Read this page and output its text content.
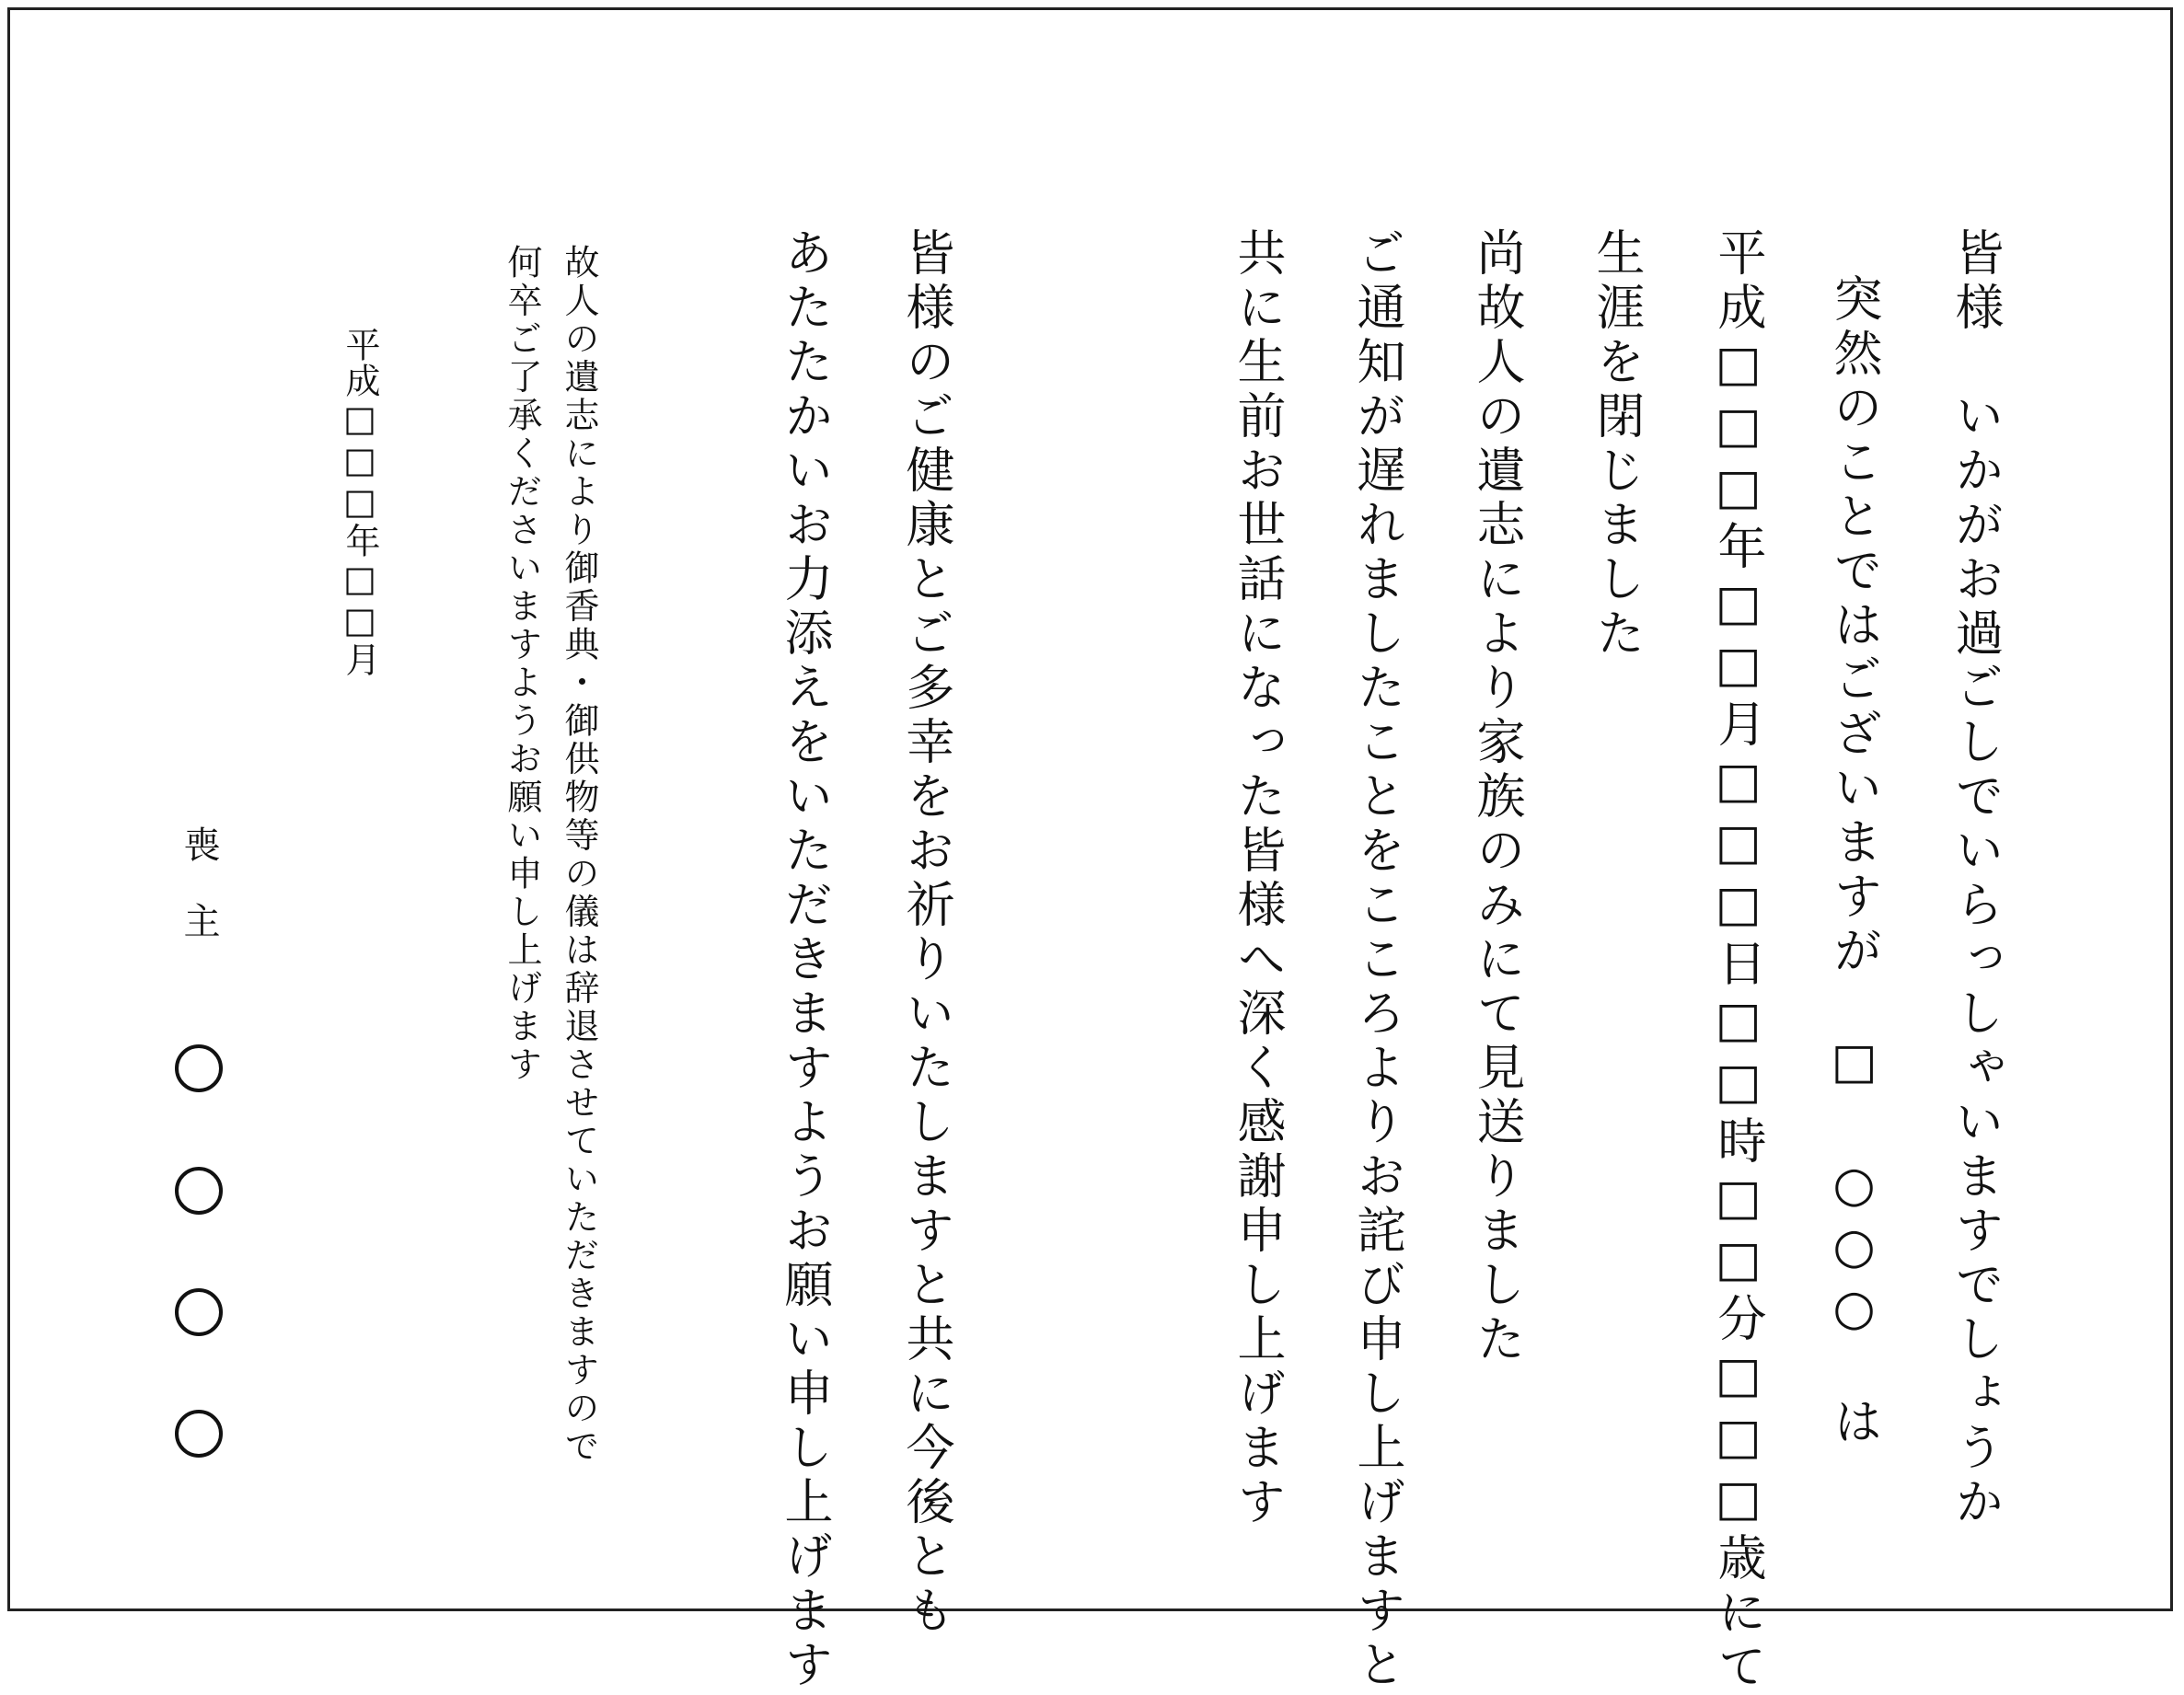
皆様　いかがお過ごしでいらっしゃいますでしょうか
突然のことではございますが　□ ○○○　は
平成□□□年□□月□□□日□□時□□分□□□歳にて
生涯を閉じました
尚故人の遺志により家族のみにて見送りました
ご通知が遅れましたことをこころよりお詫び申し上げますと
共に生前お世話になった皆様へ深く感謝申し上げます
皆様のご健康とご多幸をお祈りいたしますと共に今後とも
あたたかいお力添えをいただきますようお願い申し上げます
故人の遺志により御香典・御供物等の儀は辞退させていただきますので
何卒ご了承くださいますようお願い申し上げます
平成□□□年□□月
喪
主
